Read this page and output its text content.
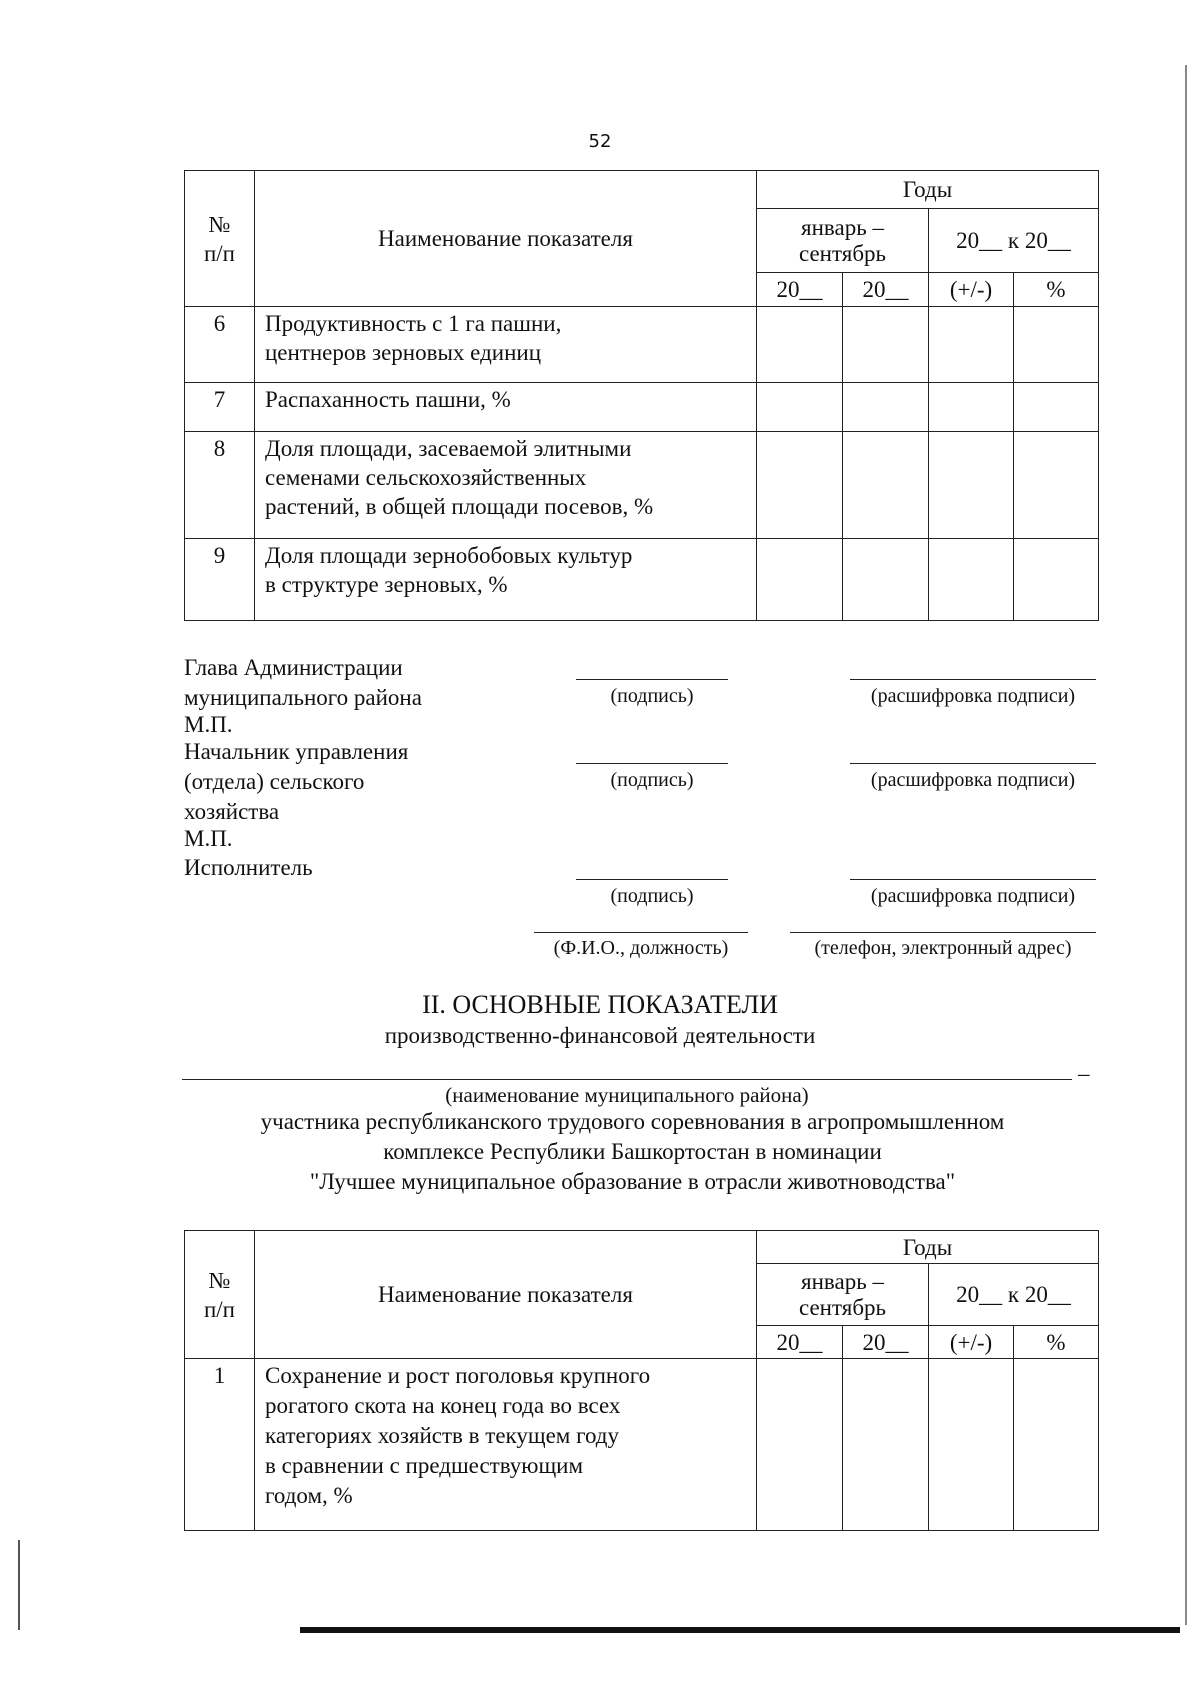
52
№
п/п	Наименование показателя	Годы			
		январь –
сентябрь		20__ к 20__	
		20__	20__	(+/-)	%
6	Продуктивность с 1 га пашни,
центнеров зерновых единиц				
7	Распаханность пашни, %				
8	Доля площади, засеваемой элитными
семенами сельскохозяйственных
растений, в общей площади посевов, %				
9	Доля площади зернобобовых культур
в структуре зерновых, %				
Глава Администрации
муниципального района
М.П.
Начальник управления
(отдела) сельского
хозяйства
М.П.
Исполнитель
(подпись)	(расшифровка подписи)
(подпись)	(расшифровка подписи)
(подпись)	(расшифровка подписи)
(Ф.И.О., должность)	(телефон, электронный адрес)
II. ОСНОВНЫЕ ПОКАЗАТЕЛИ
производственно-финансовой деятельности
–
(наименование муниципального района)
участника республиканского трудового соревнования в агропромышленном
комплексе Республики Башкортостан в номинации
"Лучшее муниципальное образование в отрасли животноводства"
№
п/п	Наименование показателя	Годы			
		январь –
сентябрь		20__ к 20__	
		20__	20__	(+/-)	%
1	Сохранение и рост поголовья крупного
рогатого скота на конец года во всех
категориях хозяйств в текущем году
в сравнении с предшествующим
годом, %				
